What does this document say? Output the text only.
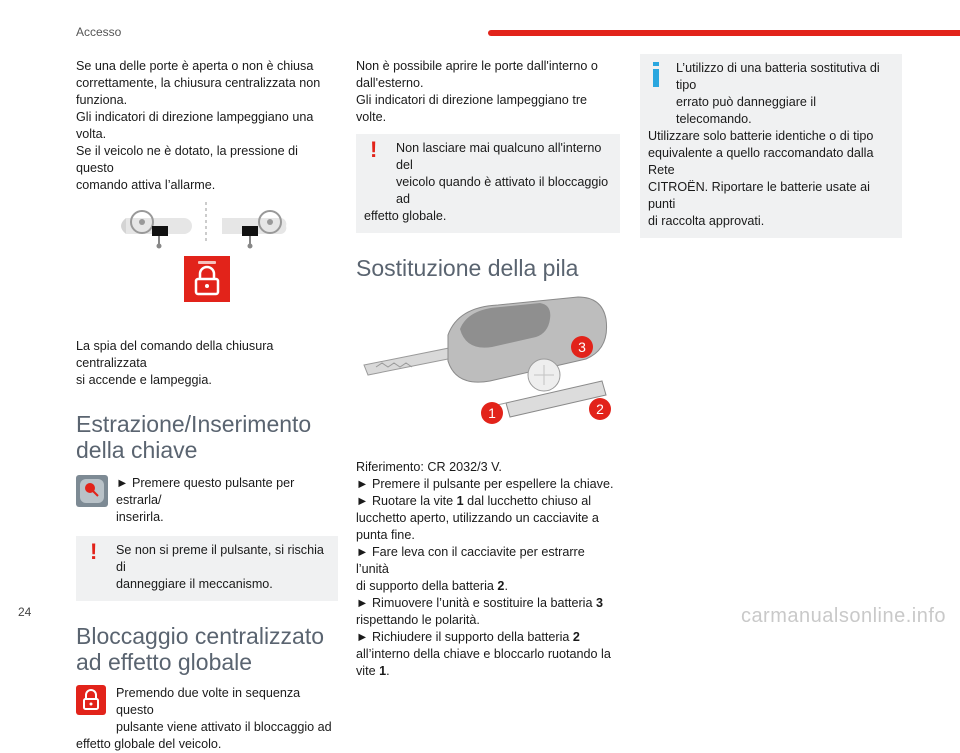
Accesso

Se una delle porte è aperta o non è chiusa
correttamente, la chiusura centralizzata non
funziona.
Gli indicatori di direzione lampeggiano una volta.
Se il veicolo ne è dotato, la pressione di questo
comando attiva l’allarme.

La spia del comando della chiusura centralizzata
si accende e lampeggia.

Estrazione/Inserimento
della chiave
► Premere questo pulsante per estrarla/
inserirla.
! Se non si preme il pulsante, si rischia di
danneggiare il meccanismo.
Bloccaggio centralizzato
ad effetto globale
Premendo due volte in sequenza questo
pulsante viene attivato il bloccaggio ad
effetto globale del veicolo.

Non è possibile aprire le porte dall'interno o
dall'esterno.
Gli indicatori di direzione lampeggiano tre volte.

! Non lasciare mai qualcuno all'interno del
veicolo quando è attivato il bloccaggio ad
effetto globale.
Sostituzione della pila
3
1	2

Riferimento: CR 2032/3 V.
► Premere il pulsante per espellere la chiave.
► Ruotare la vite 1 dal lucchetto chiuso al
lucchetto aperto, utilizzando un cacciavite a
punta fine.
► Fare leva con il cacciavite per estrarre l’unità
di supporto della batteria 2.
► Rimuovere l’unità e sostituire la batteria 3
rispettando le polarità.
► Richiudere il supporto della batteria 2
all’interno della chiave e bloccarlo ruotando la
vite 1.

L’utilizzo di una batteria sostitutiva di tipo
errato può danneggiare il telecomando.
Utilizzare solo batterie identiche o di tipo
equivalente a quello raccomandato dalla Rete
CITROËN. Riportare le batterie usate ai punti
di raccolta approvati.
24	carmanualsonline.info
